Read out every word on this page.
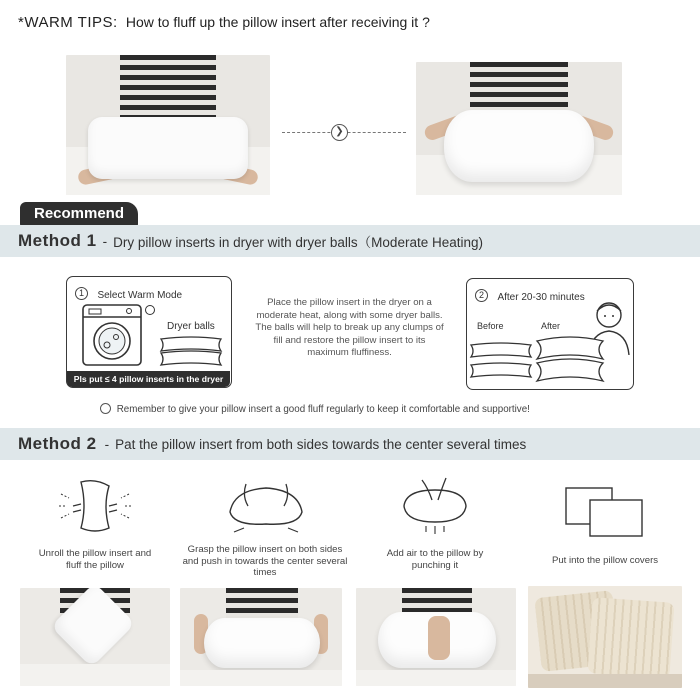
*WARM TIPS: How to fluff up the pillow insert after receiving it ?
❯
Recommend
Method 1 - Dry pillow inserts in dryer with dryer balls（Moderate Heating)
1 Select Warm Mode
Dryer balls
Pls put ≤ 4 pillow inserts in the dryer
Place the pillow insert in the dryer on a moderate heat, along with some dryer balls. The balls will help to break up any clumps of fill and restore the pillow insert to its maximum fluffiness.
2 After 20-30 minutes
Before	After
Remember to give your pillow insert a good fluff regularly to keep it comfortable and supportive!
Method 2 - Pat the pillow insert from both sides towards the center several times
Unroll the pillow insert and fluff the pillow
Grasp the pillow insert on both sides and push in towards the center several times
Add air to the pillow by punching it	Put into the pillow covers
